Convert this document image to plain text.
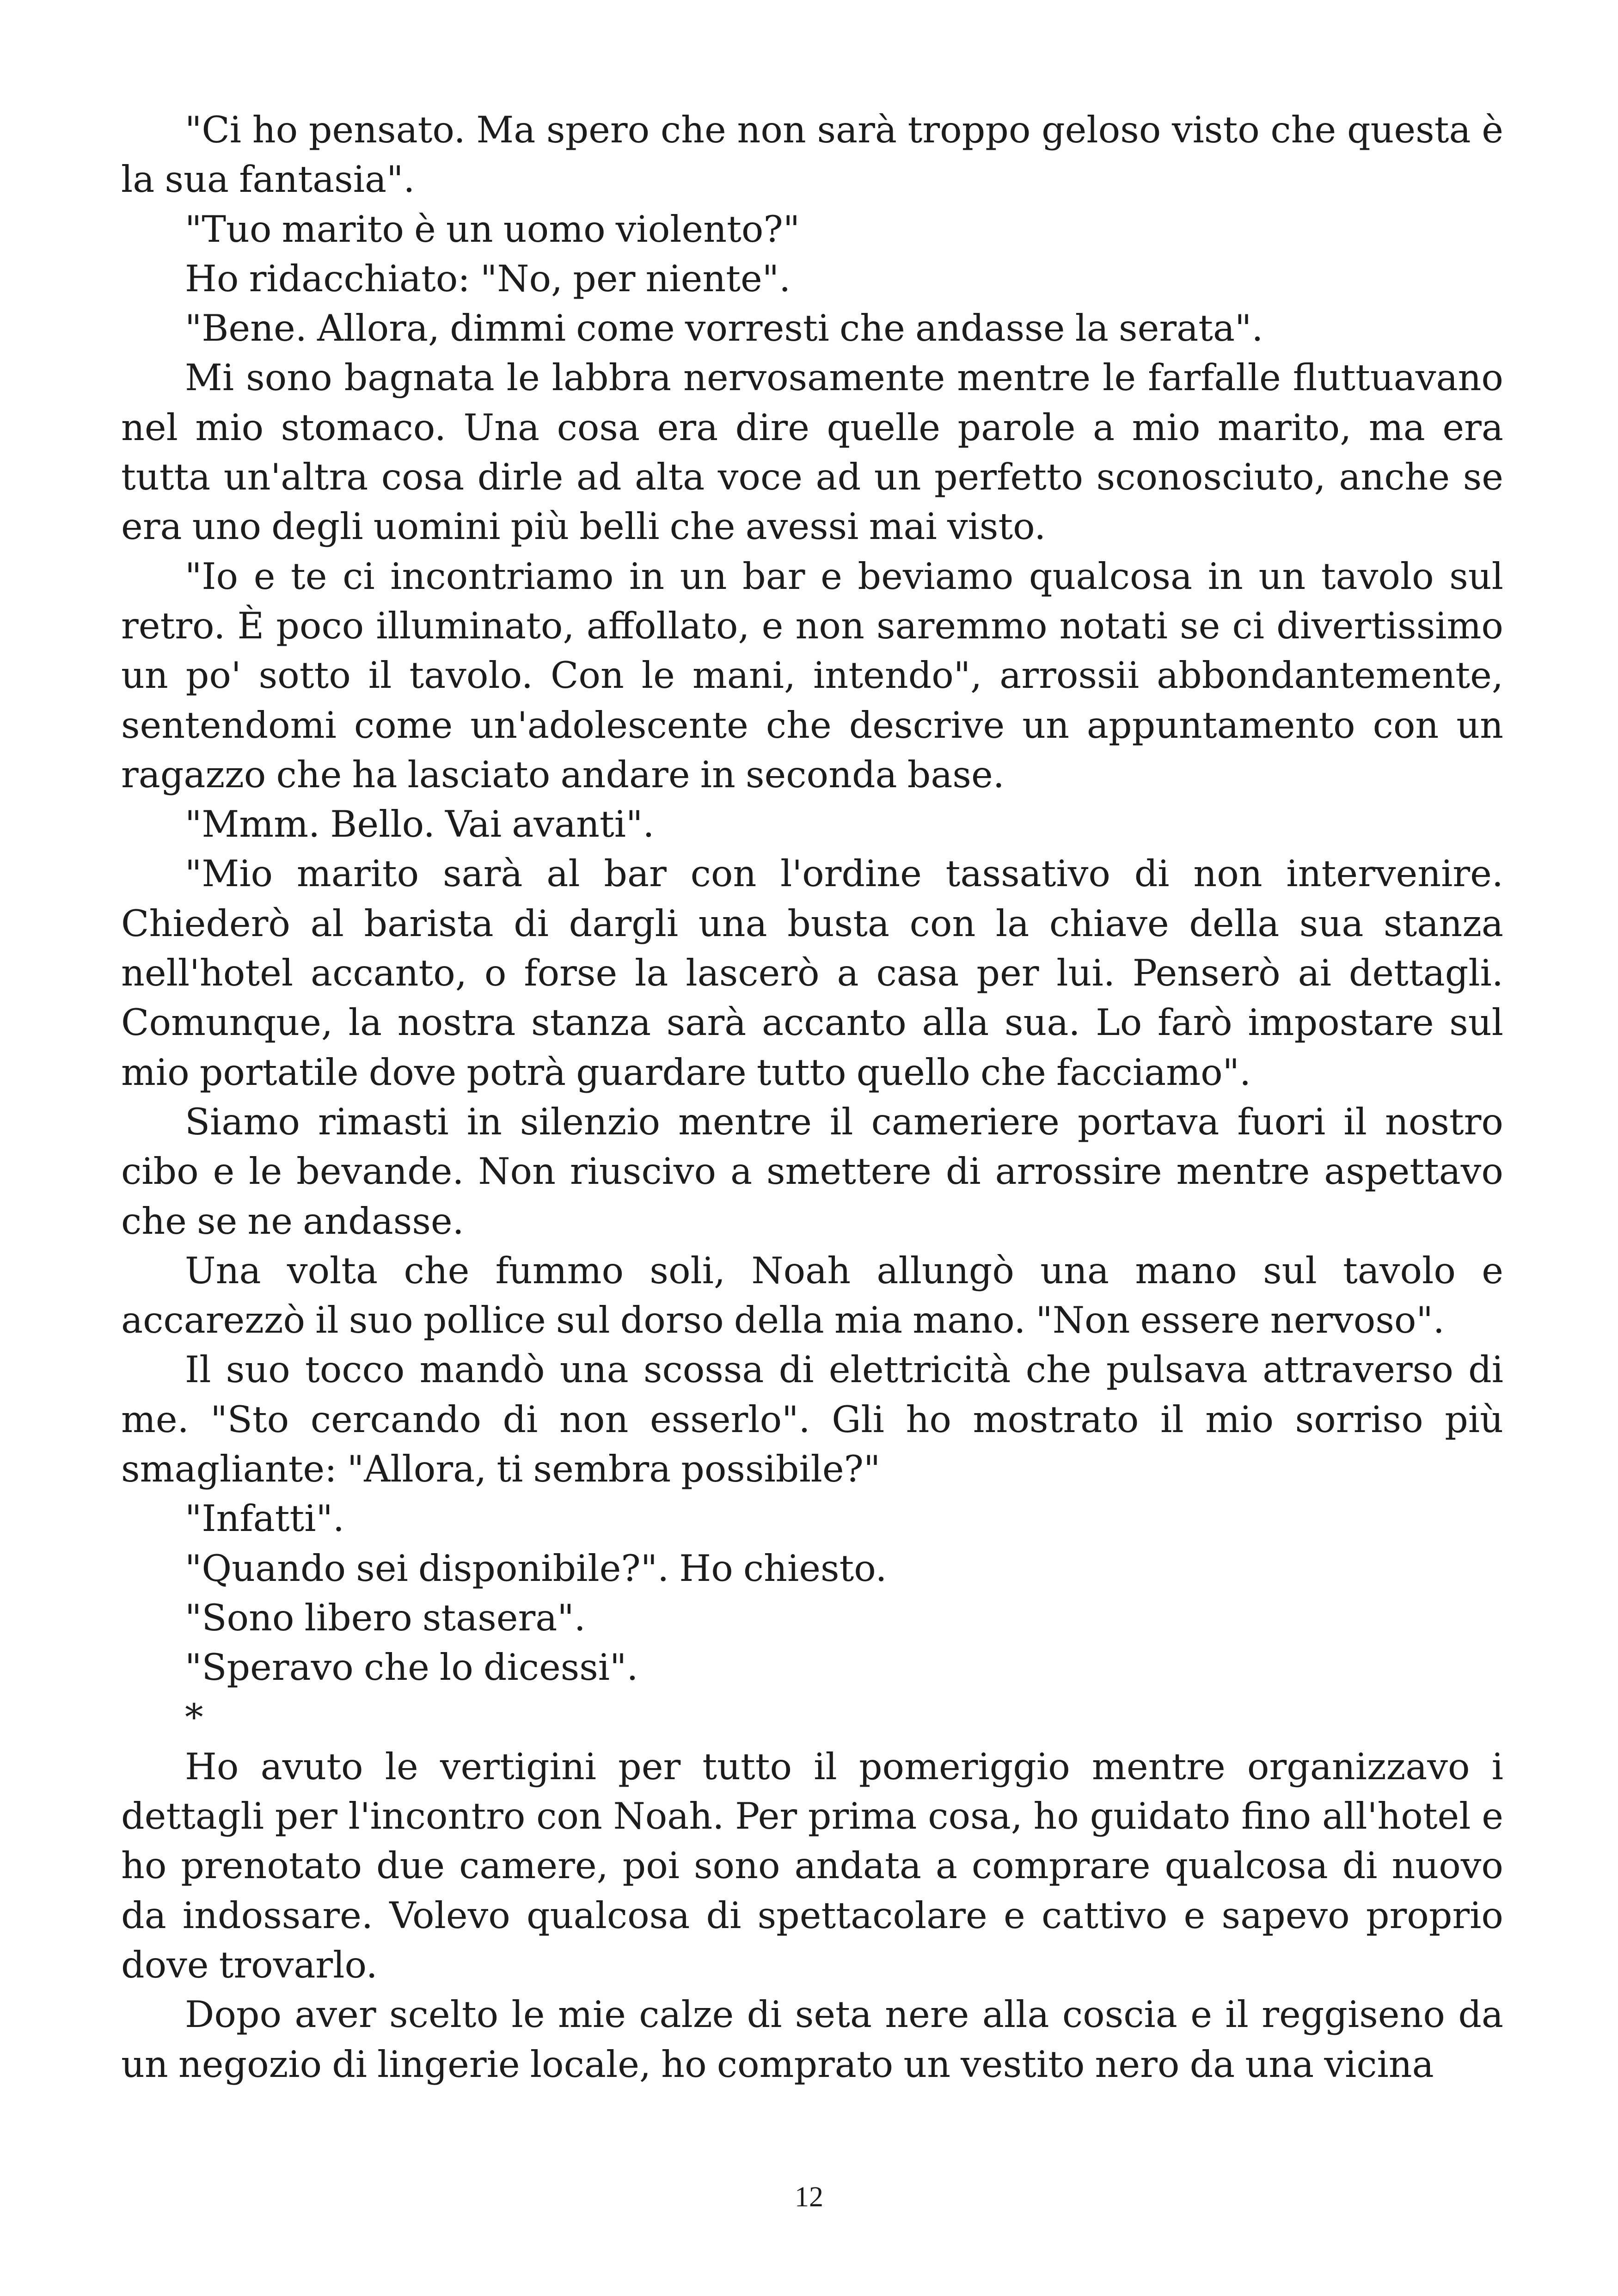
"Ci ho pensato. Ma spero che non sarà troppo geloso visto che questa è la sua fantasia".

"Tuo marito è un uomo violento?"

Ho ridacchiato: "No, per niente".

"Bene. Allora, dimmi come vorresti che andasse la serata".

Mi sono bagnata le labbra nervosamente mentre le farfalle fluttuavano nel mio stomaco. Una cosa era dire quelle parole a mio marito, ma era tutta un'altra cosa dirle ad alta voce ad un perfetto sconosciuto, anche se era uno degli uomini più belli che avessi mai visto.

"Io e te ci incontriamo in un bar e beviamo qualcosa in un tavolo sul retro. È poco illuminato, affollato, e non saremmo notati se ci divertissimo un po' sotto il tavolo. Con le mani, intendo", arrossii abbondantemente, sentendomi come un'adolescente che descrive un appuntamento con un ragazzo che ha lasciato andare in seconda base.

"Mmm. Bello. Vai avanti".

"Mio marito sarà al bar con l'ordine tassativo di non intervenire. Chiederò al barista di dargli una busta con la chiave della sua stanza nell'hotel accanto, o forse la lascerò a casa per lui. Penserò ai dettagli. Comunque, la nostra stanza sarà accanto alla sua. Lo farò impostare sul mio portatile dove potrà guardare tutto quello che facciamo".

Siamo rimasti in silenzio mentre il cameriere portava fuori il nostro cibo e le bevande. Non riuscivo a smettere di arrossire mentre aspettavo che se ne andasse.

Una volta che fummo soli, Noah allungò una mano sul tavolo e accarezzò il suo pollice sul dorso della mia mano. "Non essere nervoso".

Il suo tocco mandò una scossa di elettricità che pulsava attraverso di me. "Sto cercando di non esserlo". Gli ho mostrato il mio sorriso più smagliante: "Allora, ti sembra possibile?"

"Infatti".

"Quando sei disponibile?". Ho chiesto.

"Sono libero stasera".

"Speravo che lo dicessi".

*

Ho avuto le vertigini per tutto il pomeriggio mentre organizzavo i dettagli per l'incontro con Noah. Per prima cosa, ho guidato fino all'hotel e ho prenotato due camere, poi sono andata a comprare qualcosa di nuovo da indossare. Volevo qualcosa di spettacolare e cattivo e sapevo proprio dove trovarlo.

Dopo aver scelto le mie calze di seta nere alla coscia e il reggiseno da un negozio di lingerie locale, ho comprato un vestito nero da una vicina

12
